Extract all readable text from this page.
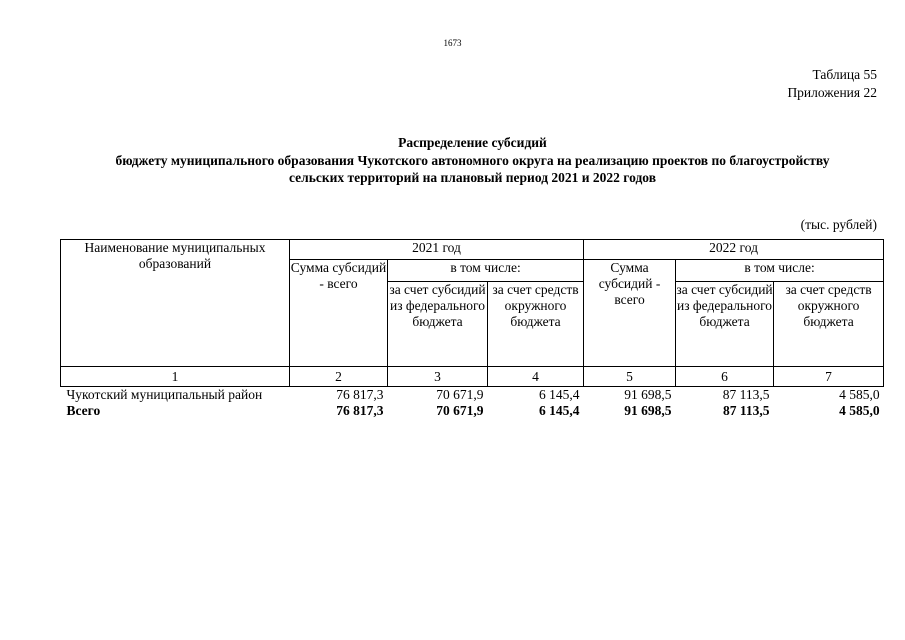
1673
Таблица 55
Приложения 22
Распределение субсидий
бюджету муниципального образования Чукотского автономного округа на реализацию проектов по благоустройству
сельских территорий на плановый период 2021 и 2022 годов
(тыс. рублей)
Наименование муниципальных образований	2021 год			2022 год		
	Сумма субсидий - всего	в том числе:		Сумма субсидий - всего	в том числе:	
		за счет субсидий из федерального бюджета	за счет средств окружного бюджета		за счет субсидий из федерального бюджета	за счет средств окружного бюджета
1	2	3	4	5	6	7
Чукотский муниципальный район	76 817,3	70 671,9	6 145,4	91 698,5	87 113,5	4 585,0
Всего	76 817,3	70 671,9	6 145,4	91 698,5	87 113,5	4 585,0
